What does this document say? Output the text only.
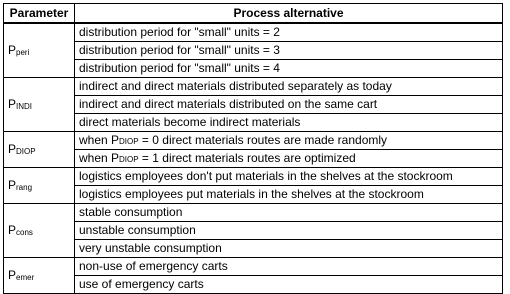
Parameter	Process alternative
$P_{peri}$	distribution period for "small" units = 2
	distribution period for "small" units = 3
	distribution period for "small" units = 4
$P_{INDI}$	indirect and direct materials distributed separately as today
	indirect and direct materials distributed on the same cart
	direct materials become indirect materials
$P_{DIOP}$	when PDIOP = 0 direct materials routes are made randomly
	when PDIOP = 1 direct materials routes are optimized
$P_{rang}$	logistics employees don't put materials in the shelves at the stockroom
	logistics employees put materials in the shelves at the stockroom
$P_{cons}$	stable consumption
	unstable consumption
	very unstable consumption
$P_{emer}$	non-use of emergency carts
	use of emergency carts
